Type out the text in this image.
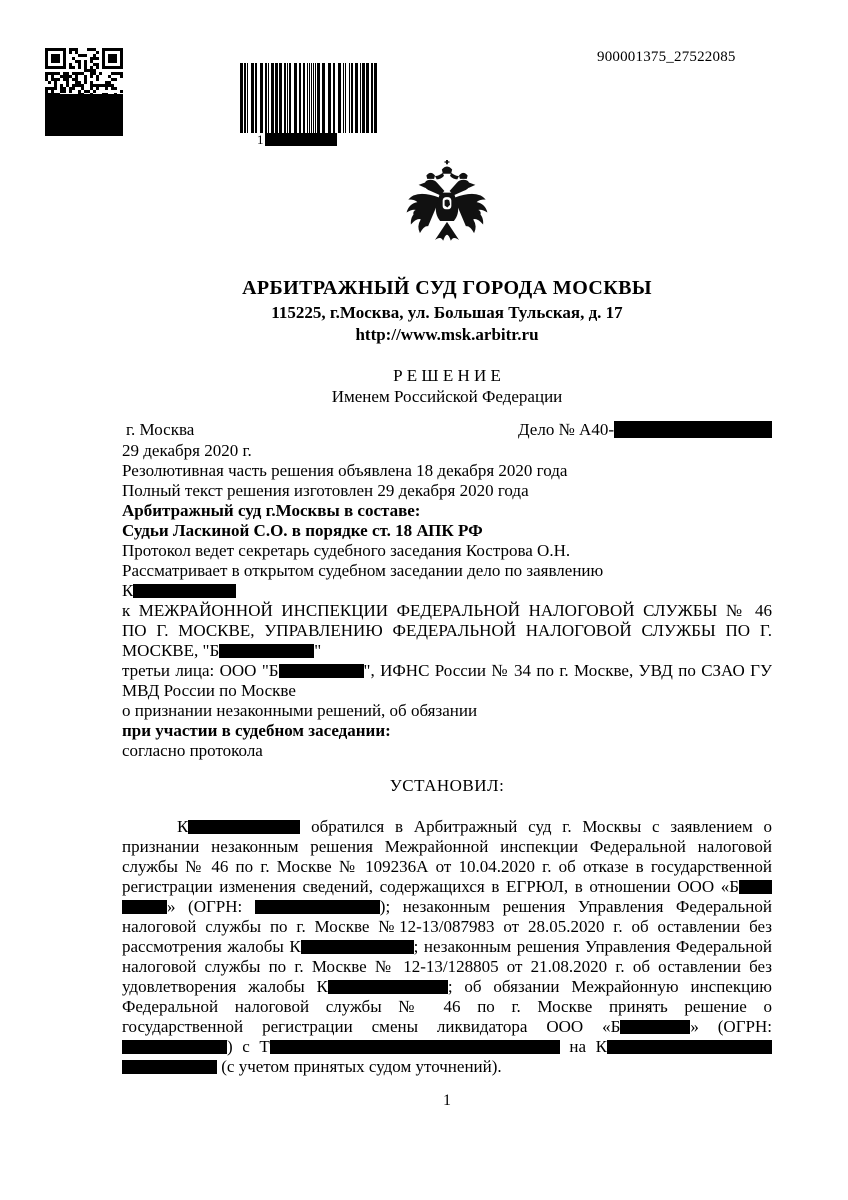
1
900001375_27522085
АРБИТРАЖНЫЙ СУД ГОРОДА МОСКВЫ
115225, г.Москва, ул. Большая Тульская, д. 17
http://www.msk.arbitr.ru
Р Е Ш Е Н И Е
Именем Российской Федерации
г. Москва	Дело № А40-
29 декабря 2020 г.
Резолютивная часть решения объявлена 18 декабря 2020 года
Полный текст решения изготовлен 29 декабря 2020 года
Арбитражный суд г.Москвы в составе:
Судьи Ласкиной С.О. в порядке ст. 18 АПК РФ
Протокол ведет секретарь судебного заседания Кострова О.Н.
Рассматривает в открытом судебном заседании дело по заявлению
К
к МЕЖРАЙОННОЙ ИНСПЕКЦИИ ФЕДЕРАЛЬНОЙ НАЛОГОВОЙ СЛУЖБЫ № 46
ПО Г. МОСКВЕ, УПРАВЛЕНИЮ ФЕДЕРАЛЬНОЙ НАЛОГОВОЙ СЛУЖБЫ ПО Г.
МОСКВЕ, "Б	"
третьи лица: ООО "Б	", ИФНС России № 34 по г. Москве, УВД по СЗАО ГУ
МВД России по Москве
о признании незаконными решений, об обязании
при участии в судебном заседании:
согласно протокола
УСТАНОВИЛ:
К	обратился в Арбитражный суд г. Москвы с заявлением о
признании незаконным решения Межрайонной инспекции Федеральной налоговой
службы № 46 по г. Москве № 109236А от 10.04.2020 г. об отказе в государственной
регистрации изменения сведений, содержащихся в ЕГРЮЛ, в отношении ООО «Б
» (ОГРН:	); незаконным решения Управления Федеральной
налоговой службы по г. Москве №12-13/087983 от 28.05.2020 г. об оставлении без
рассмотрения жалобы К	; незаконным решения Управления Федеральной
налоговой службы по г. Москве № 12-13/128805 от 21.08.2020 г. об оставлении без
удовлетворения жалобы К	; об обязании Межрайонную инспекцию
Федеральной налоговой службы № 46 по г. Москве принять решение о
государственной регистрации смены ликвидатора ООО «Б	» (ОГРН:
) с Т	на К
(с учетом принятых судом уточнений).
1
